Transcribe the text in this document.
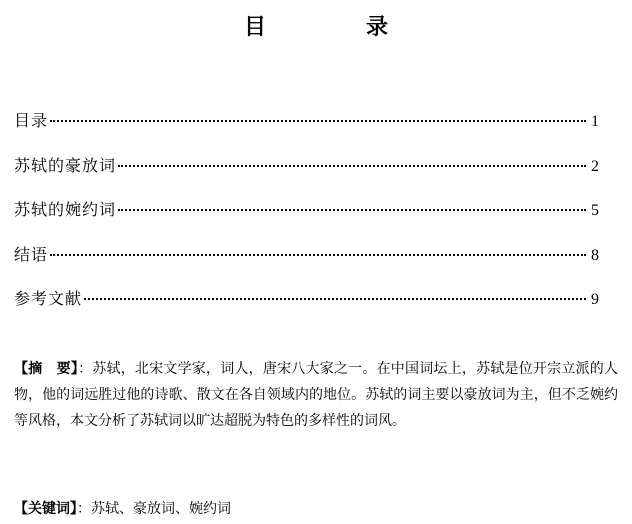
目	录
目录	1
苏轼的豪放词	2
苏轼的婉约词	5
结语	8
参考文献	9

【摘　要】：苏轼，北宋文学家，词人，唐宋八大家之一。在中国词坛上，苏轼是位开宗立派的人物，他的词远胜过他的诗歌、散文在各自领域内的地位。苏轼的词主要以豪放词为主，但不乏婉约等风格，本文分析了苏轼词以旷达超脱为特色的多样性的词风。

【关键词】：苏轼、豪放词、婉约词
